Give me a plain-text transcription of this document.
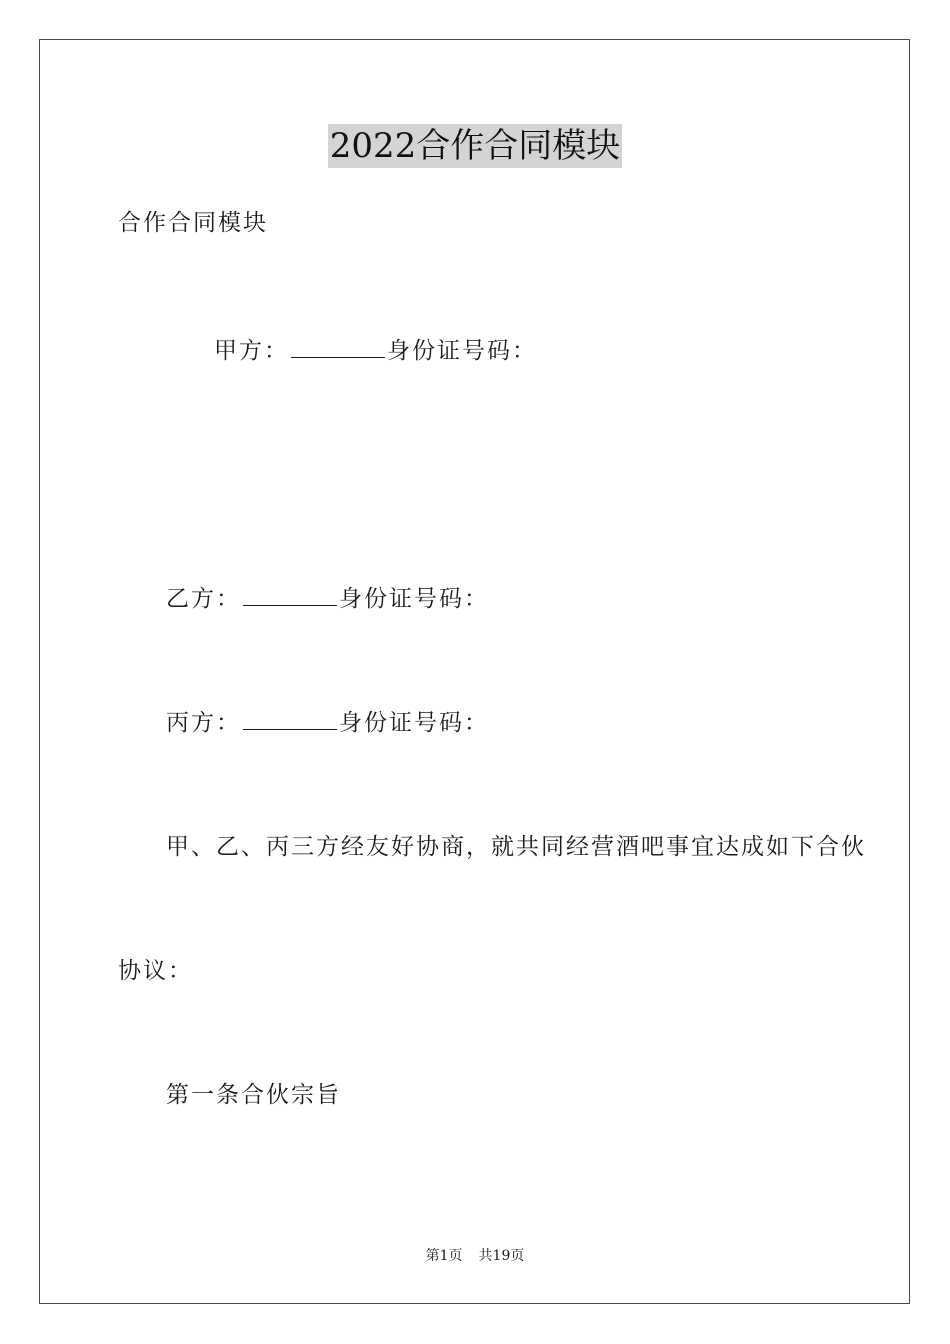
2022合作合同模块
合作合同模块
甲方：	身份证号码：
乙方：	身份证号码：
丙方：	身份证号码：
甲、乙、丙三方经友好协商，就共同经营酒吧事宜达成如下合伙
协议：
第一条合伙宗旨
第1页 共19页
